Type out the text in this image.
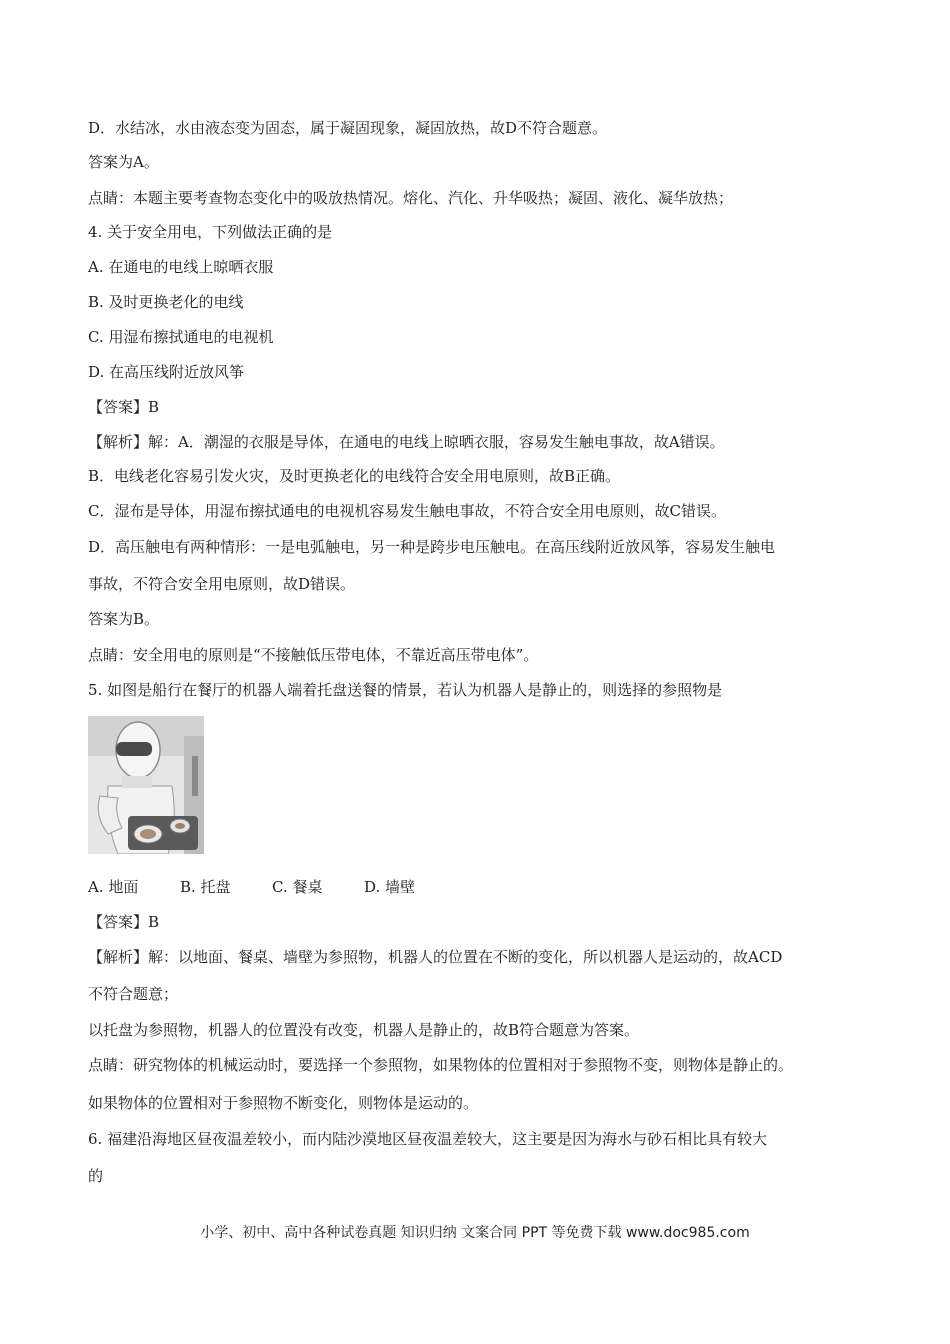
D．水结冰，水由液态变为固态，属于凝固现象，凝固放热，故D不符合题意。
答案为A。
点睛：本题主要考查物态变化中的吸放热情况。熔化、汽化、升华吸热；凝固、液化、凝华放热；
4. 关于安全用电，下列做法正确的是
A. 在通电的电线上晾晒衣服
B. 及时更换老化的电线
C. 用湿布擦拭通电的电视机
D. 在高压线附近放风筝
【答案】B
【解析】解：A．潮湿的衣服是导体，在通电的电线上晾晒衣服，容易发生触电事故，故A错误。
B．电线老化容易引发火灾，及时更换老化的电线符合安全用电原则，故B正确。
C．湿布是导体，用湿布擦拭通电的电视机容易发生触电事故，不符合安全用电原则，故C错误。
D．高压触电有两种情形：一是电弧触电，另一种是跨步电压触电。在高压线附近放风筝，容易发生触电
事故，不符合安全用电原则，故D错误。
答案为B。
点睛：安全用电的原则是“不接触低压带电体，不靠近高压带电体”。
5. 如图是船行在餐厅的机器人端着托盘送餐的情景，若认为机器人是静止的，则选择的参照物是
A. 地面	B. 托盘	C. 餐桌	D. 墙壁
【答案】B
【解析】解：以地面、餐桌、墙壁为参照物，机器人的位置在不断的变化，所以机器人是运动的，故ACD
不符合题意；
以托盘为参照物，机器人的位置没有改变，机器人是静止的，故B符合题意为答案。
点睛：研究物体的机械运动时，要选择一个参照物，如果物体的位置相对于参照物不变，则物体是静止的。
如果物体的位置相对于参照物不断变化，则物体是运动的。
6. 福建沿海地区昼夜温差较小，而内陆沙漠地区昼夜温差较大，这主要是因为海水与砂石相比具有较大
的
小学、初中、高中各种试卷真题 知识归纳 文案合同 PPT 等免费下载 www.doc985.com
